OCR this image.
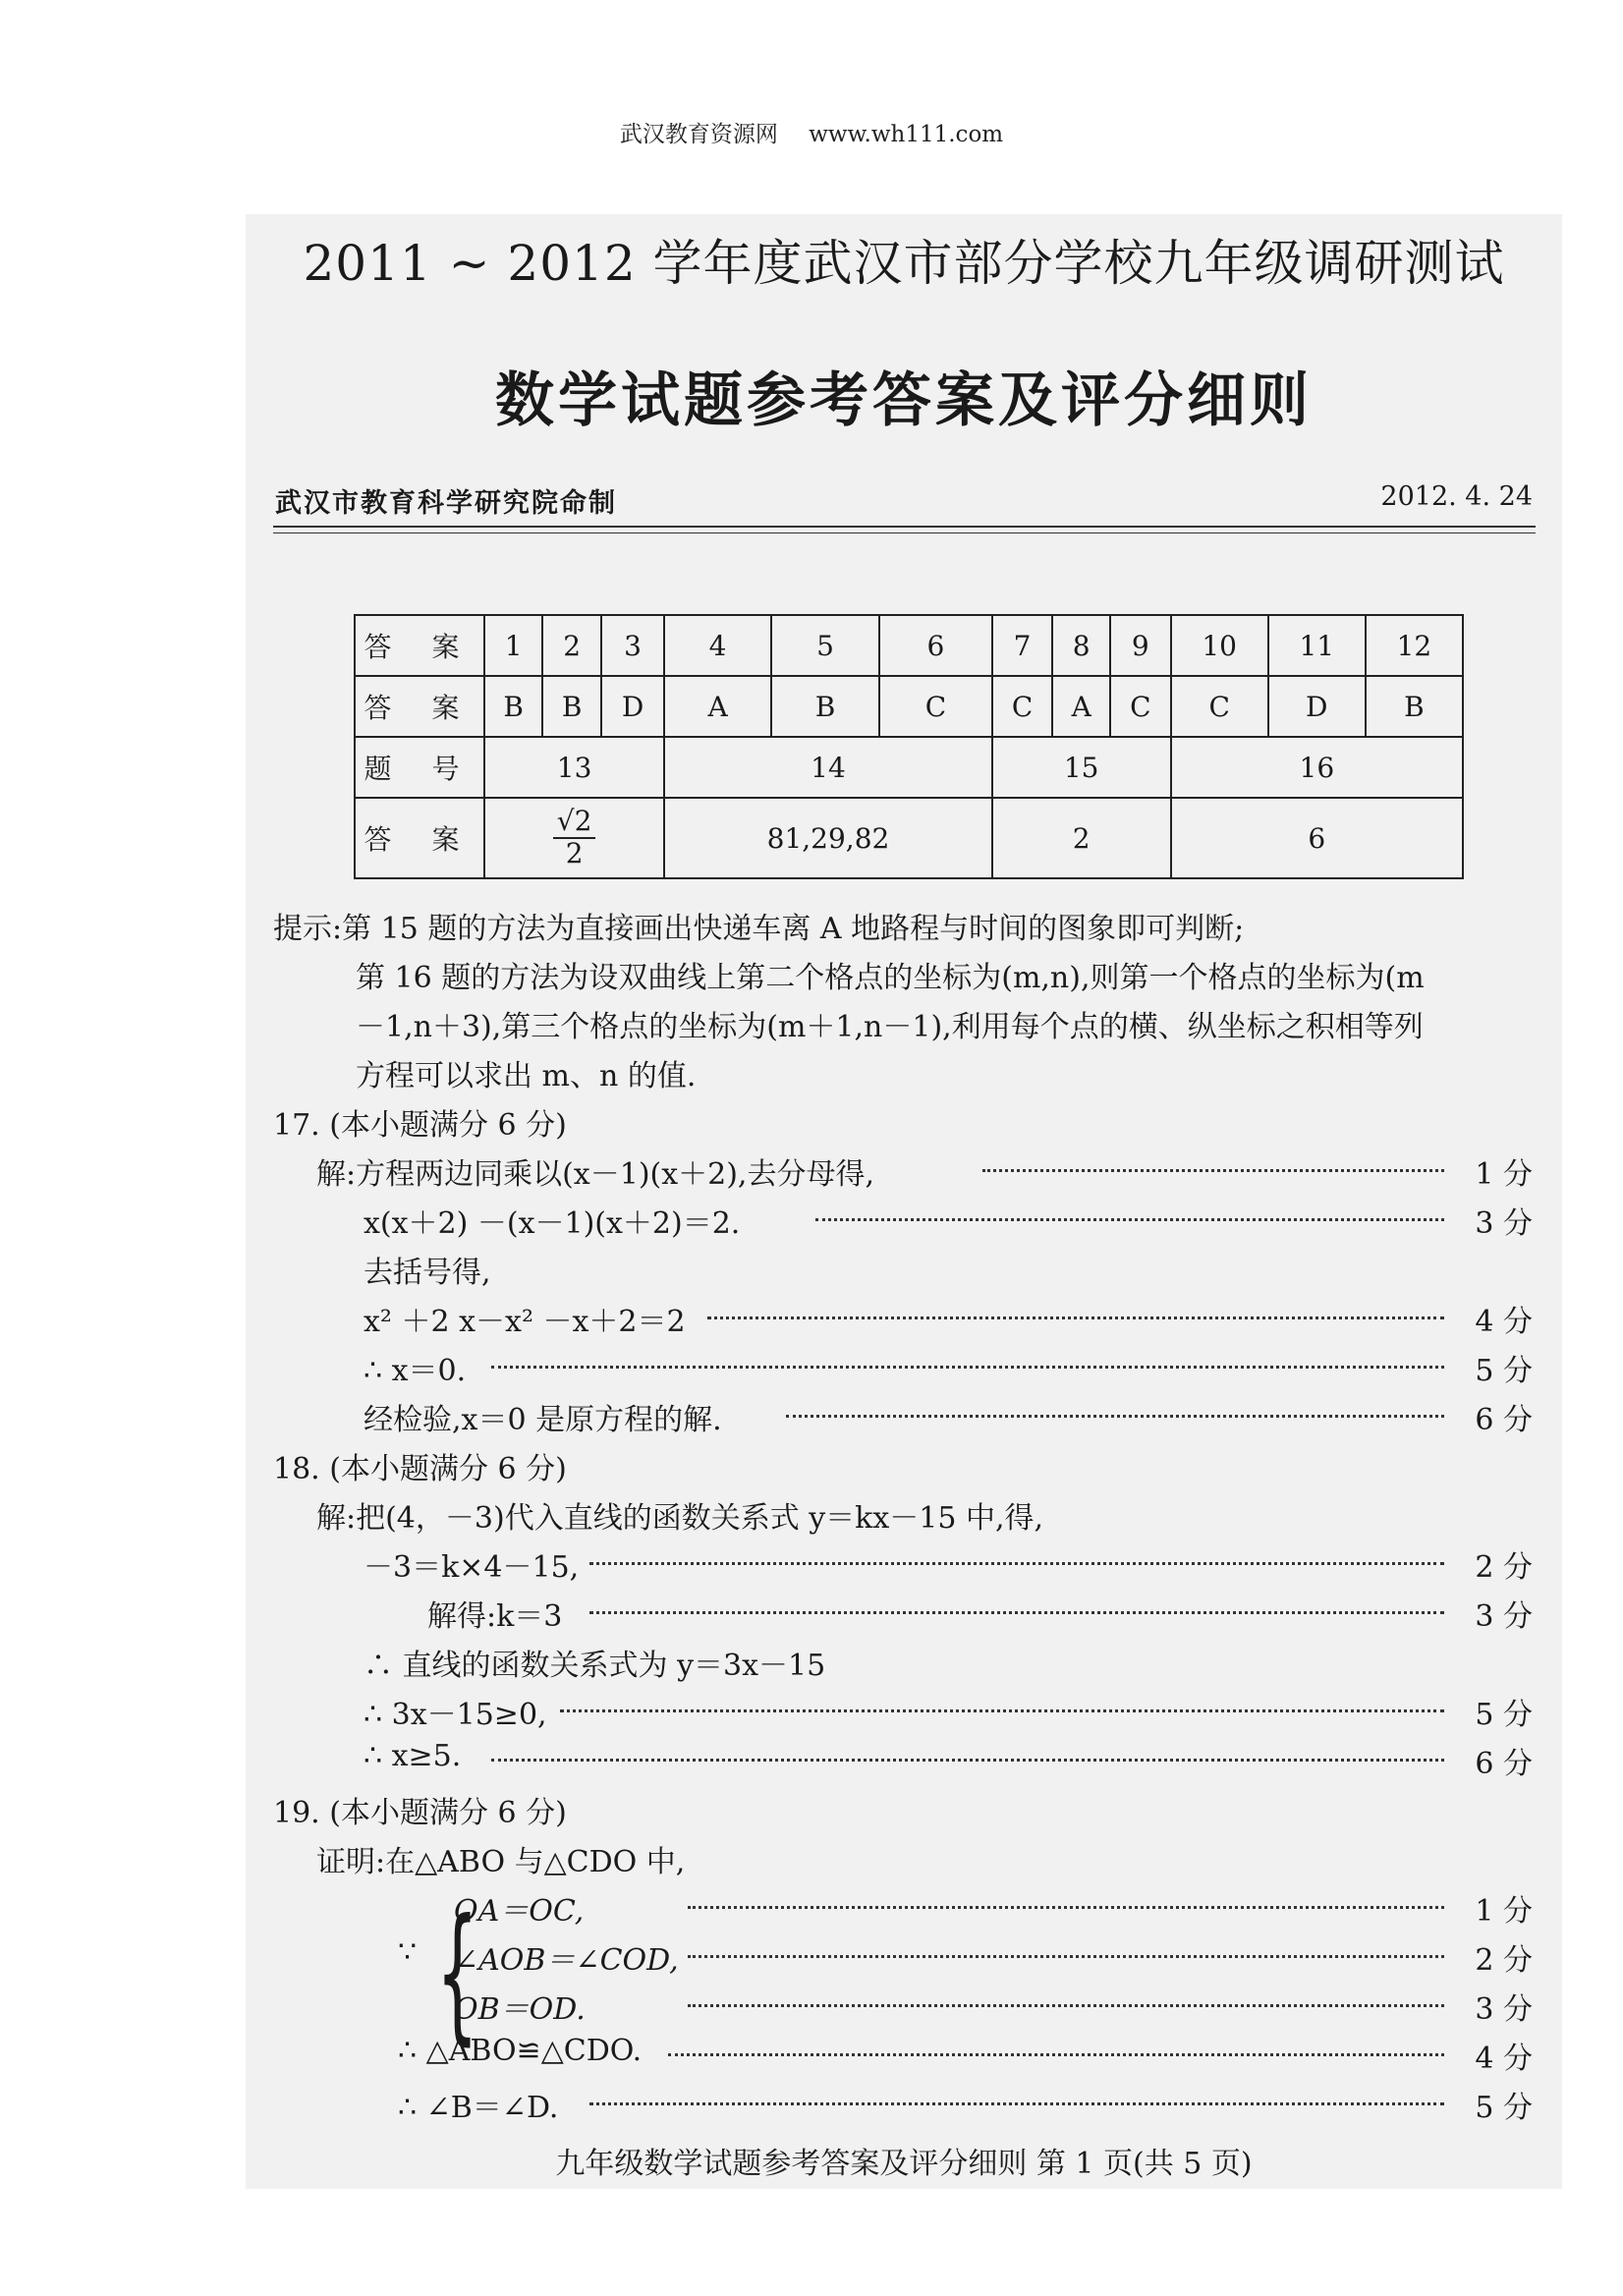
武汉教育资源网 www.wh111.com
2011 ~ 2012 学年度武汉市部分学校九年级调研测试
数学试题参考答案及评分细则
武汉市教育科学研究院命制	2012. 4. 24
答 案	1	2	3	4	5	6	7	8	9	10	11	12
答 案	B	B	D	A	B	C	C	A	C	C	D	B
题 号	13			14			15			16		
答 案	$\frac{√2}{2}$			81,29,82			2			6		
提示:第 15 题的方法为直接画出快递车离 A 地路程与时间的图象即可判断;
第 16 题的方法为设双曲线上第二个格点的坐标为(m,n),则第一个格点的坐标为(m
－1,n＋3),第三个格点的坐标为(m＋1,n－1),利用每个点的横、纵坐标之积相等列
方程可以求出 m、n 的值.
17. (本小题满分 6 分)
解:方程两边同乘以(x－1)(x＋2),去分母得,	1 分
x(x＋2) －(x－1)(x＋2)＝2.	3 分
去括号得,
x² ＋2 x－x² －x＋2＝2	4 分
∴ x＝0.	5 分
经检验,x＝0 是原方程的解.	6 分
18. (本小题满分 6 分)
解:把(4，－3)代入直线的函数关系式 y＝kx－15 中,得,
－3＝k×4－15,	2 分
解得:k＝3	3 分
∴ 直线的函数关系式为 y＝3x－15
∴ 3x－15≥0,	5 分
∴ x≥5.	6 分
19. (本小题满分 6 分)
证明:在△ABO 与△CDO 中,
∵ {
OA＝OC,	1 分
∠AOB＝∠COD,	2 分
OB＝OD.	3 分
∴ △ABO≌△CDO.	4 分
∴ ∠B＝∠D.	5 分
九年级数学试题参考答案及评分细则 第 1 页(共 5 页)
